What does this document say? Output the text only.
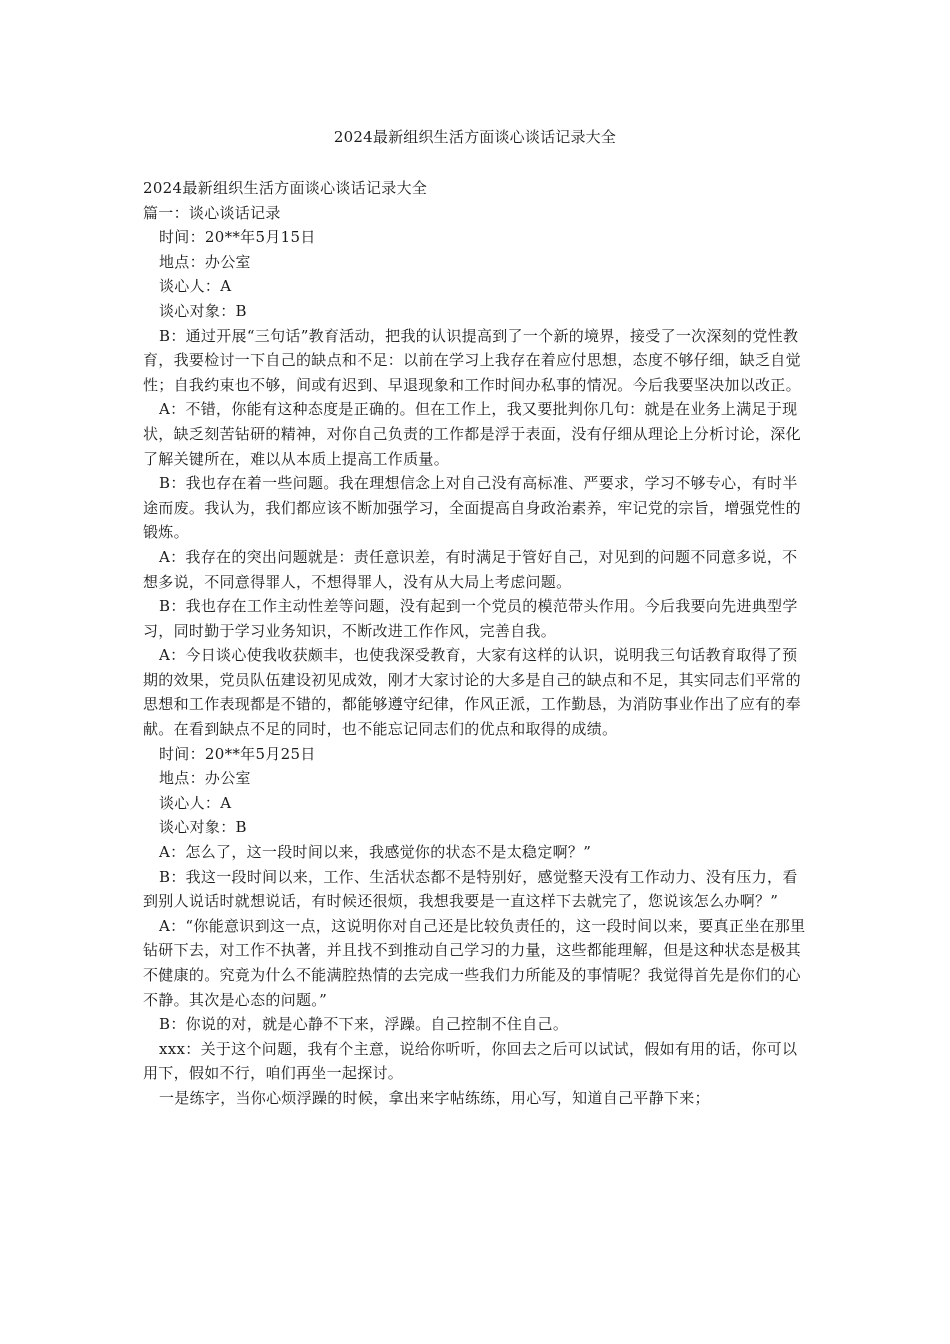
2024最新组织生活方面谈心谈话记录大全

2024最新组织生活方面谈心谈话记录大全

篇一：谈心谈话记录

时间：20**年5月15日

地点：办公室

谈心人：A

谈心对象：B

B：通过开展“三句话”教育活动，把我的认识提高到了一个新的境界，接受了一次深刻的党性教育，我要检讨一下自己的缺点和不足：以前在学习上我存在着应付思想，态度不够仔细，缺乏自觉性；自我约束也不够，间或有迟到、早退现象和工作时间办私事的情况。今后我要坚决加以改正。

A：不错，你能有这种态度是正确的。但在工作上，我又要批判你几句：就是在业务上满足于现状，缺乏刻苦钻研的精神，对你自己负责的工作都是浮于表面，没有仔细从理论上分析讨论，深化了解关键所在，难以从本质上提高工作质量。

B：我也存在着一些问题。我在理想信念上对自己没有高标准、严要求，学习不够专心，有时半途而废。我认为，我们都应该不断加强学习，全面提高自身政治素养，牢记党的宗旨，增强党性的锻炼。

A：我存在的突出问题就是：责任意识差，有时满足于管好自己，对见到的问题不同意多说，不想多说，不同意得罪人，不想得罪人，没有从大局上考虑问题。

B：我也存在工作主动性差等问题，没有起到一个党员的模范带头作用。今后我要向先进典型学习，同时勤于学习业务知识，不断改进工作作风，完善自我。

A：今日谈心使我收获颇丰，也使我深受教育，大家有这样的认识，说明我三句话教育取得了预期的效果，党员队伍建设初见成效，刚才大家讨论的大多是自己的缺点和不足，其实同志们平常的思想和工作表现都是不错的，都能够遵守纪律，作风正派，工作勤恳，为消防事业作出了应有的奉献。在看到缺点不足的同时，也不能忘记同志们的优点和取得的成绩。

时间：20**年5月25日

地点：办公室

谈心人：A

谈心对象：B

A：怎么了，这一段时间以来，我感觉你的状态不是太稳定啊？”

B：我这一段时间以来，工作、生活状态都不是特别好，感觉整天没有工作动力、没有压力，看到别人说话时就想说话，有时候还很烦，我想我要是一直这样下去就完了，您说该怎么办啊？”

A：“你能意识到这一点，这说明你对自己还是比较负责任的，这一段时间以来，要真正坐在那里钻研下去，对工作不执著，并且找不到推动自己学习的力量，这些都能理解，但是这种状态是极其不健康的。究竟为什么不能满腔热情的去完成一些我们力所能及的事情呢？我觉得首先是你们的心不静。其次是心态的问题。”

B：你说的对，就是心静不下来，浮躁。自己控制不住自己。

xxx：关于这个问题，我有个主意，说给你听听，你回去之后可以试试，假如有用的话，你可以用下，假如不行，咱们再坐一起探讨。

一是练字，当你心烦浮躁的时候，拿出来字帖练练，用心写，知道自己平静下来；
